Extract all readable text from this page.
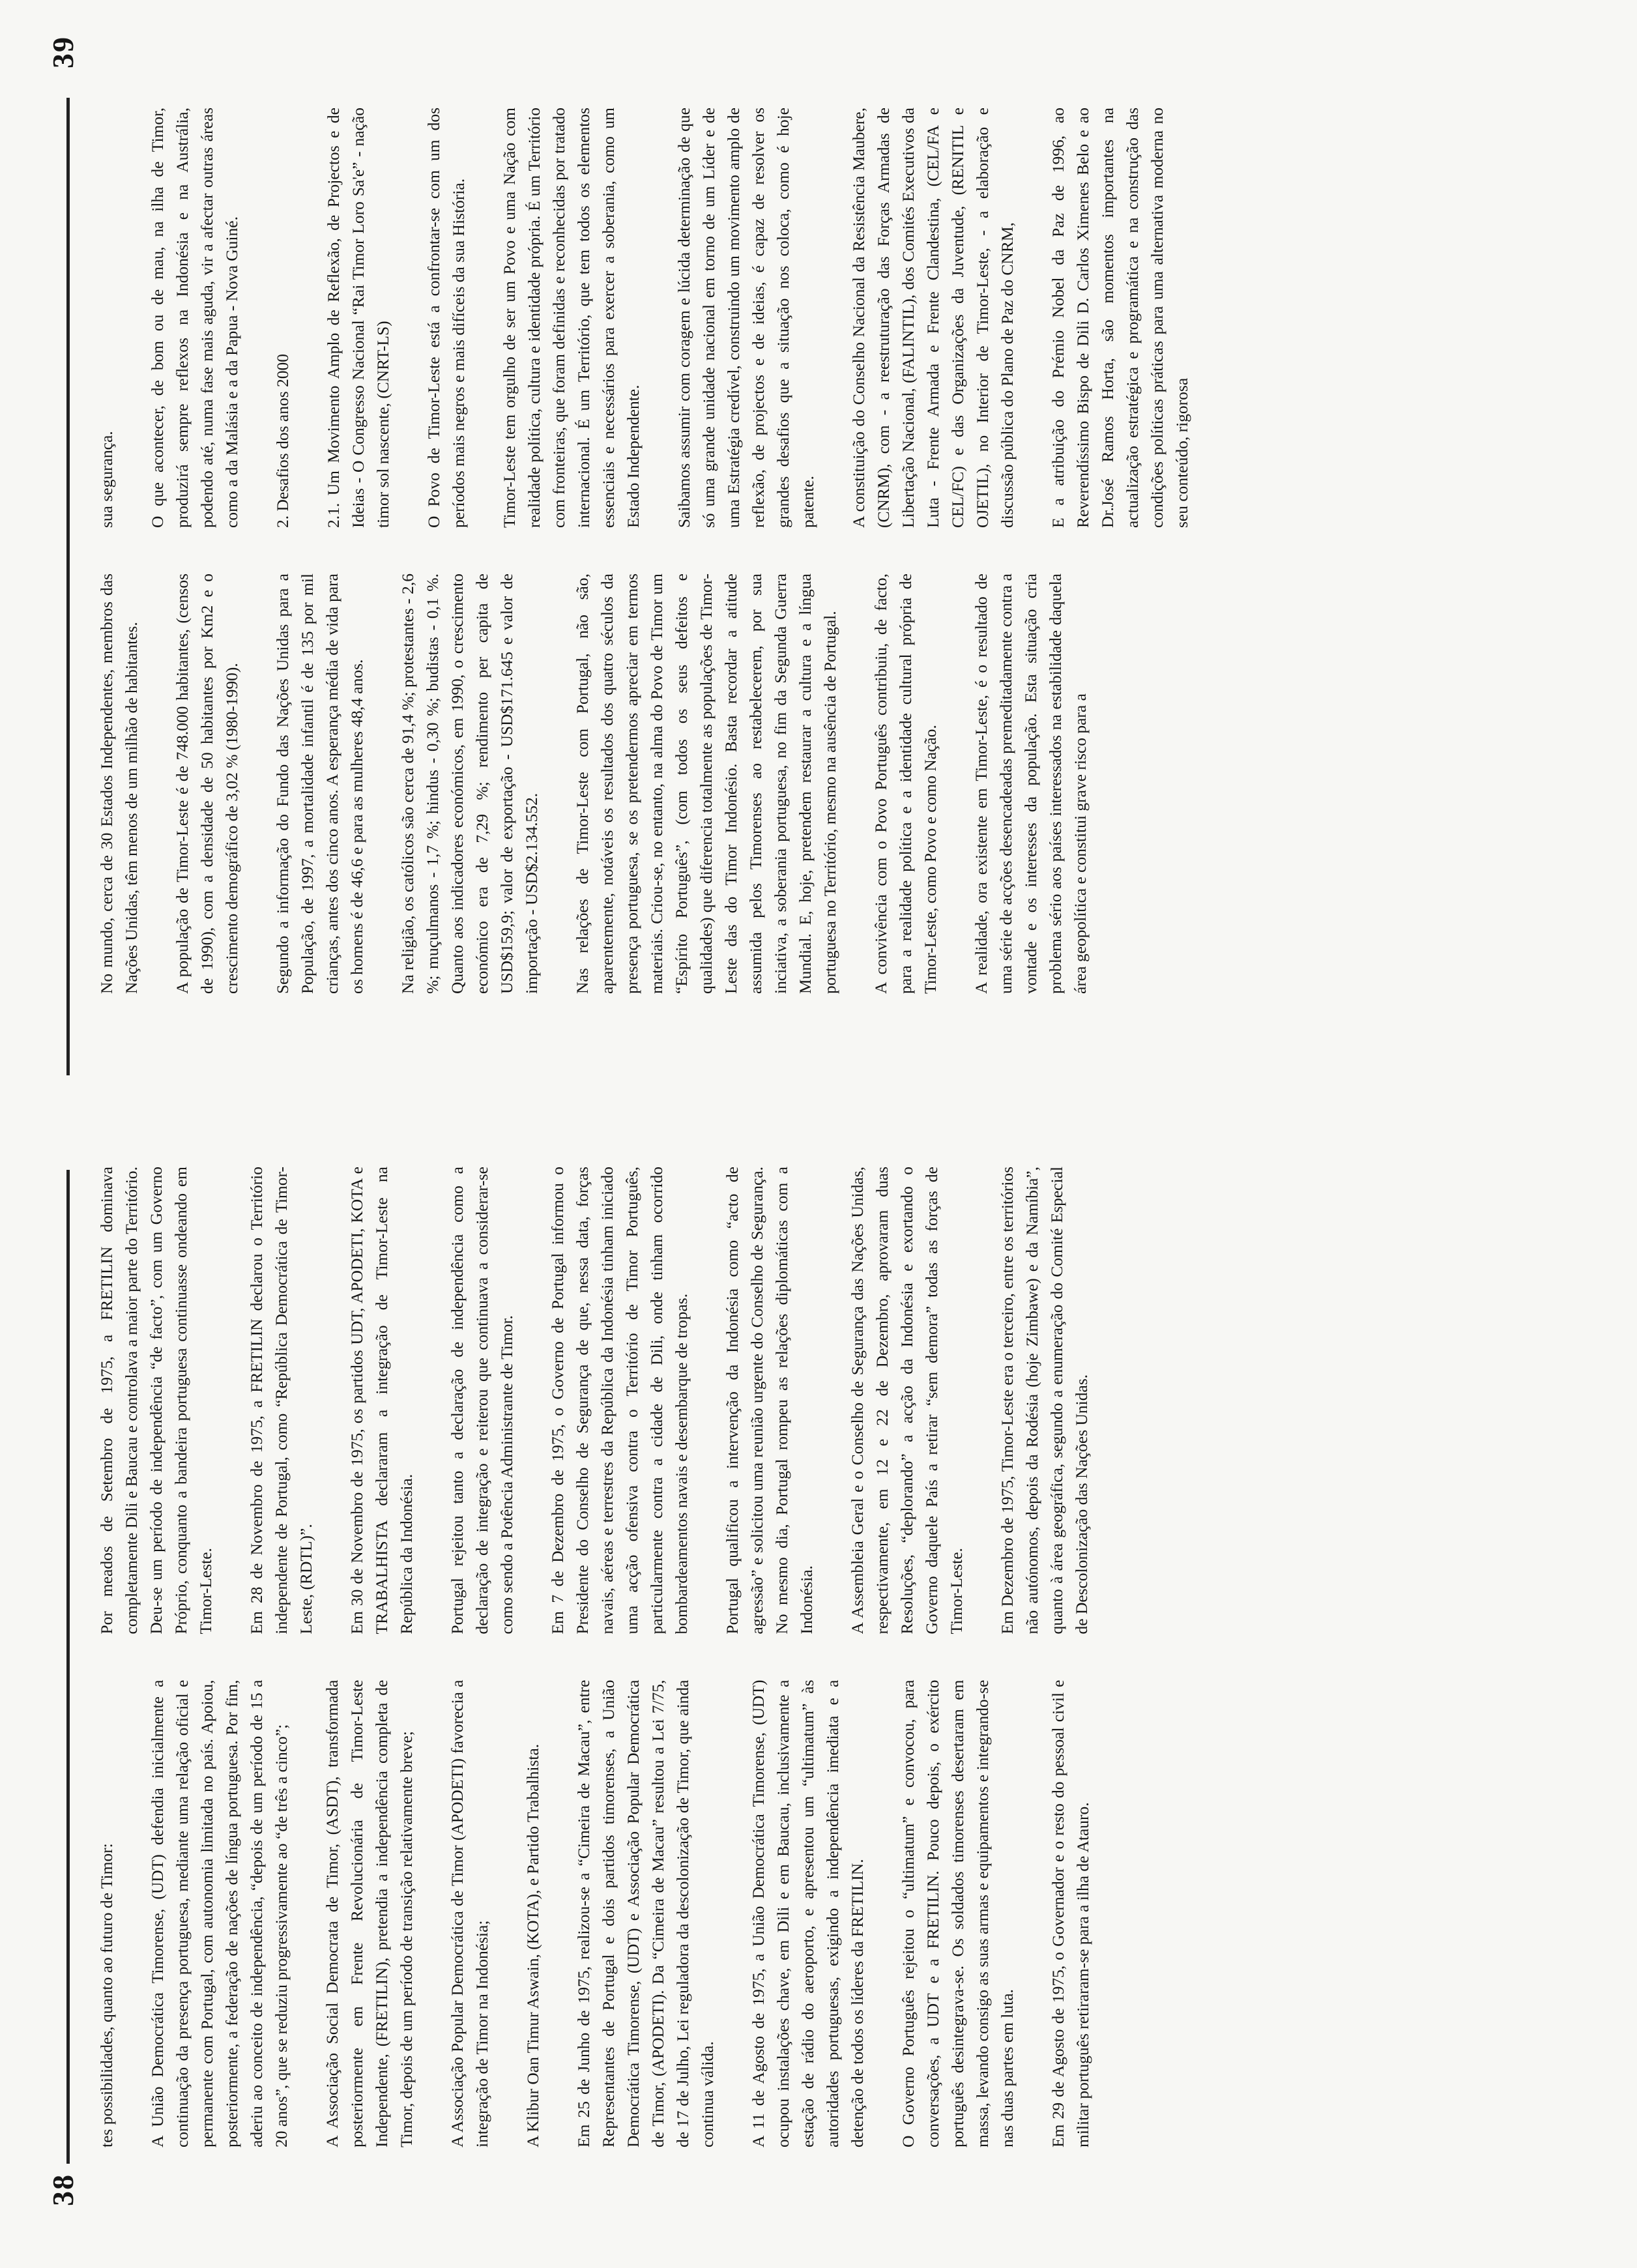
38

tes possibilidades, quanto ao futuro de Timor: A União Democrática Timorense, (UDT) defendia inicialmente a continuação da presença portuguesa, mediante uma relação oficial e permanente com Portugal, com autonomia limitada no país. Apoiou, posteriormente, a federação de nações de língua portuguesa. Por fim, aderiu ao conceito de independência, “depois de um período de 15 a 20 anos”, que se reduziu progressivamente ao “de três a cinco”; A Associação Social Democrata de Timor, (ASDT), transformada posteriormente em Frente Revolucionária de Timor-Leste Independente, (FRETILIN), pretendia a independência completa de Timor, depois de um período de transição relativamente breve; A Associação Popular Democrática de Timor (APODETI) favorecia a integração de Timor na Indonésia; A Klibur Oan Timur Aswain, (KOTA), e Partido Trabalhista. Em 25 de Junho de 1975, realizou-se a “Cimeira de Macau”, entre Representantes de Portugal e dois partidos timorenses, a União Democrática Timorense, (UDT) e Associação Popular Democrática de Timor, (APODETI). Da “Cimeira de Macau” resultou a Lei 7/75, de 17 de Julho, Lei reguladora da descolonização de Timor, que ainda continua válida. A 11 de Agosto de 1975, a União Democrática Timorense, (UDT) ocupou instalações chave, em Dili e em Baucau, inclusivamente a estação de rádio do aeroporto, e apresentou um “ultimatum” às autoridades portuguesas, exigindo a independência imediata e a detenção de todos os líderes da FRETILIN. O Governo Português rejeitou o “ultimatum” e convocou, para conversações, a UDT e a FRETILIN. Pouco depois, o exército português desintegrava-se. Os soldados timorenses desertaram em massa, levando consigo as suas armas e equipamentos e integrando-se nas duas partes em luta. Em 29 de Agosto de 1975, o Governador e o resto do pessoal civil e militar português retiraram-se para a ilha de Atauro.

Por meados de Setembro de 1975, a FRETILIN dominava completamente Dili e Baucau e controlava a maior parte do Território. Deu-se um período de independência “de facto”, com um Governo Próprio, conquanto a bandeira portuguesa continuasse ondeando em Timor-Leste. Em 28 de Novembro de 1975, a FRETILIN declarou o Território independente de Portugal, como “República Democrática de Timor-Leste, (RDTL)”. Em 30 de Novembro de 1975, os partidos UDT, APODETI, KOTA e TRABALHISTA declararam a integração de Timor-Leste na República da Indonésia. Portugal rejeitou tanto a declaração de independência como a declaração de integração e reiterou que continuava a considerar-se como sendo a Potência Administrante de Timor. Em 7 de Dezembro de 1975, o Governo de Portugal informou o Presidente do Conselho de Segurança de que, nessa data, forças navais, aéreas e terrestres da República da Indonésia tinham iniciado uma acção ofensiva contra o Território de Timor Português, particularmente contra a cidade de Dili, onde tinham ocorrido bombardeamentos navais e desembarque de tropas. Portugal qualificou a intervenção da Indonésia como “acto de agressão” e solicitou uma reunião urgente do Conselho de Segurança. No mesmo dia, Portugal rompeu as relações diplomáticas com a Indonésia. A Assembleia Geral e o Conselho de Segurança das Nações Unidas, respectivamente, em 12 e 22 de Dezembro, aprovaram duas Resoluções, “deplorando” a acção da Indonésia e exortando o Governo daquele País a retirar “sem demora” todas as forças de Timor-Leste. Em Dezembro de 1975, Timor-Leste era o terceiro, entre os territórios não autónomos, depois da Rodésia (hoje Zimbawe) e da Namíbia”, quanto à área geográfica, segundo a enumeração do Comité Especial de Descolonização das Nações Unidas.

39

No mundo, cerca de 30 Estados Independentes, membros das Nações Unidas, têm menos de um milhão de habitantes. A população de Timor-Leste é de 748.000 habitantes, (censos de 1990), com a densidade de 50 habitantes por Km2 e o crescimento demográfico de 3,02 % (1980-1990). Segundo a informação do Fundo das Nações Unidas para a População, de 1997, a mortalidade infantil é de 135 por mil crianças, antes dos cinco anos. A esperança média de vida para os homens é de 46,6 e para as mulheres 48,4 anos. Na religião, os católicos são cerca de 91,4 %; protestantes - 2,6 %; muçulmanos - 1,7 %; hindus - 0,30 %; budistas - 0,1 %. Quanto aos indicadores económicos, em 1990, o crescimento económico era de 7,29 %; rendimento per capita de USD$159,9; valor de exportação - USD$171.645 e valor de importação - USD$2.134.552. Nas relações de Timor-Leste com Portugal, não são, aparentemente, notáveis os resultados dos quatro séculos da presença portuguesa, se os pretendermos apreciar em termos materiais. Criou-se, no entanto, na alma do Povo de Timor um “Espírito Português”, (com todos os seus defeitos e qualidades) que diferencia totalmente as populações de Timor-Leste das do Timor Indonésio. Basta recordar a atitude assumida pelos Timorenses ao restabelecerem, por sua inciativa, a soberania portuguesa, no fim da Segunda Guerra Mundial. E, hoje, pretendem restaurar a cultura e a língua portuguesa no Território, mesmo na ausência de Portugal. A convivência com o Povo Português contribuiu, de facto, para a realidade política e a identidade cultural própria de Timor-Leste, como Povo e como Nação. A realidade, ora existente em Timor-Leste, é o resultado de uma série de acções desencadeadas premeditadamente contra a vontade e os interesses da população. Esta situação cria problema sério aos países interessados na estabilidade daquela área geopolítica e constitui grave risco para a

sua segurança. O que acontecer, de bom ou de mau, na ilha de Timor, produzirá sempre reflexos na Indonésia e na Austrália, podendo até, numa fase mais aguda, vir a afectar outras áreas como a da Malásia e a da Papua - Nova Guiné. 2. Desafios dos anos 2000 2.1. Um Movimento Amplo de Reflexão, de Projectos e de Ideias - O Congresso Nacional “Rai Timor Loro Sa'e” - nação timor sol nascente, (CNRT-LS) O Povo de Timor-Leste está a confrontar-se com um dos períodos mais negros e mais difíceis da sua História. Timor-Leste tem orgulho de ser um Povo e uma Nação com realidade política, cultura e identidade própria. É um Território com fronteiras, que foram definidas e reconhecidas por tratado internacional. É um Território, que tem todos os elementos essenciais e necessários para exercer a soberania, como um Estado Independente. Saibamos assumir com coragem e lúcida determinação de que só uma grande unidade nacional em torno de um Líder e de uma Estratégia credível, construindo um movimento amplo de reflexão, de projectos e de ideias, é capaz de resolver os grandes desafios que a situação nos coloca, como é hoje patente. A constituição do Conselho Nacional da Resistência Maubere, (CNRM), com - a reestruturação das Forças Armadas de Libertação Nacional, (FALINTIL), dos Comités Executivos da Luta - Frente Armada e Frente Clandestina, (CEL/FA e CEL/FC) e das Organizações da Juventude, (RENITIL e OJETIL), no Interior de Timor-Leste, - a elaboração e discussão pública do Plano de Paz do CNRM, E a atribuição do Prémio Nobel da Paz de 1996, ao Reverendíssimo Bispo de Dili D. Carlos Ximenes Belo e ao Dr.José Ramos Horta, são momentos importantes na actualização estratégica e programática e na construção das condições políticas práticas para uma alternativa moderna no seu conteúdo, rigorosa
